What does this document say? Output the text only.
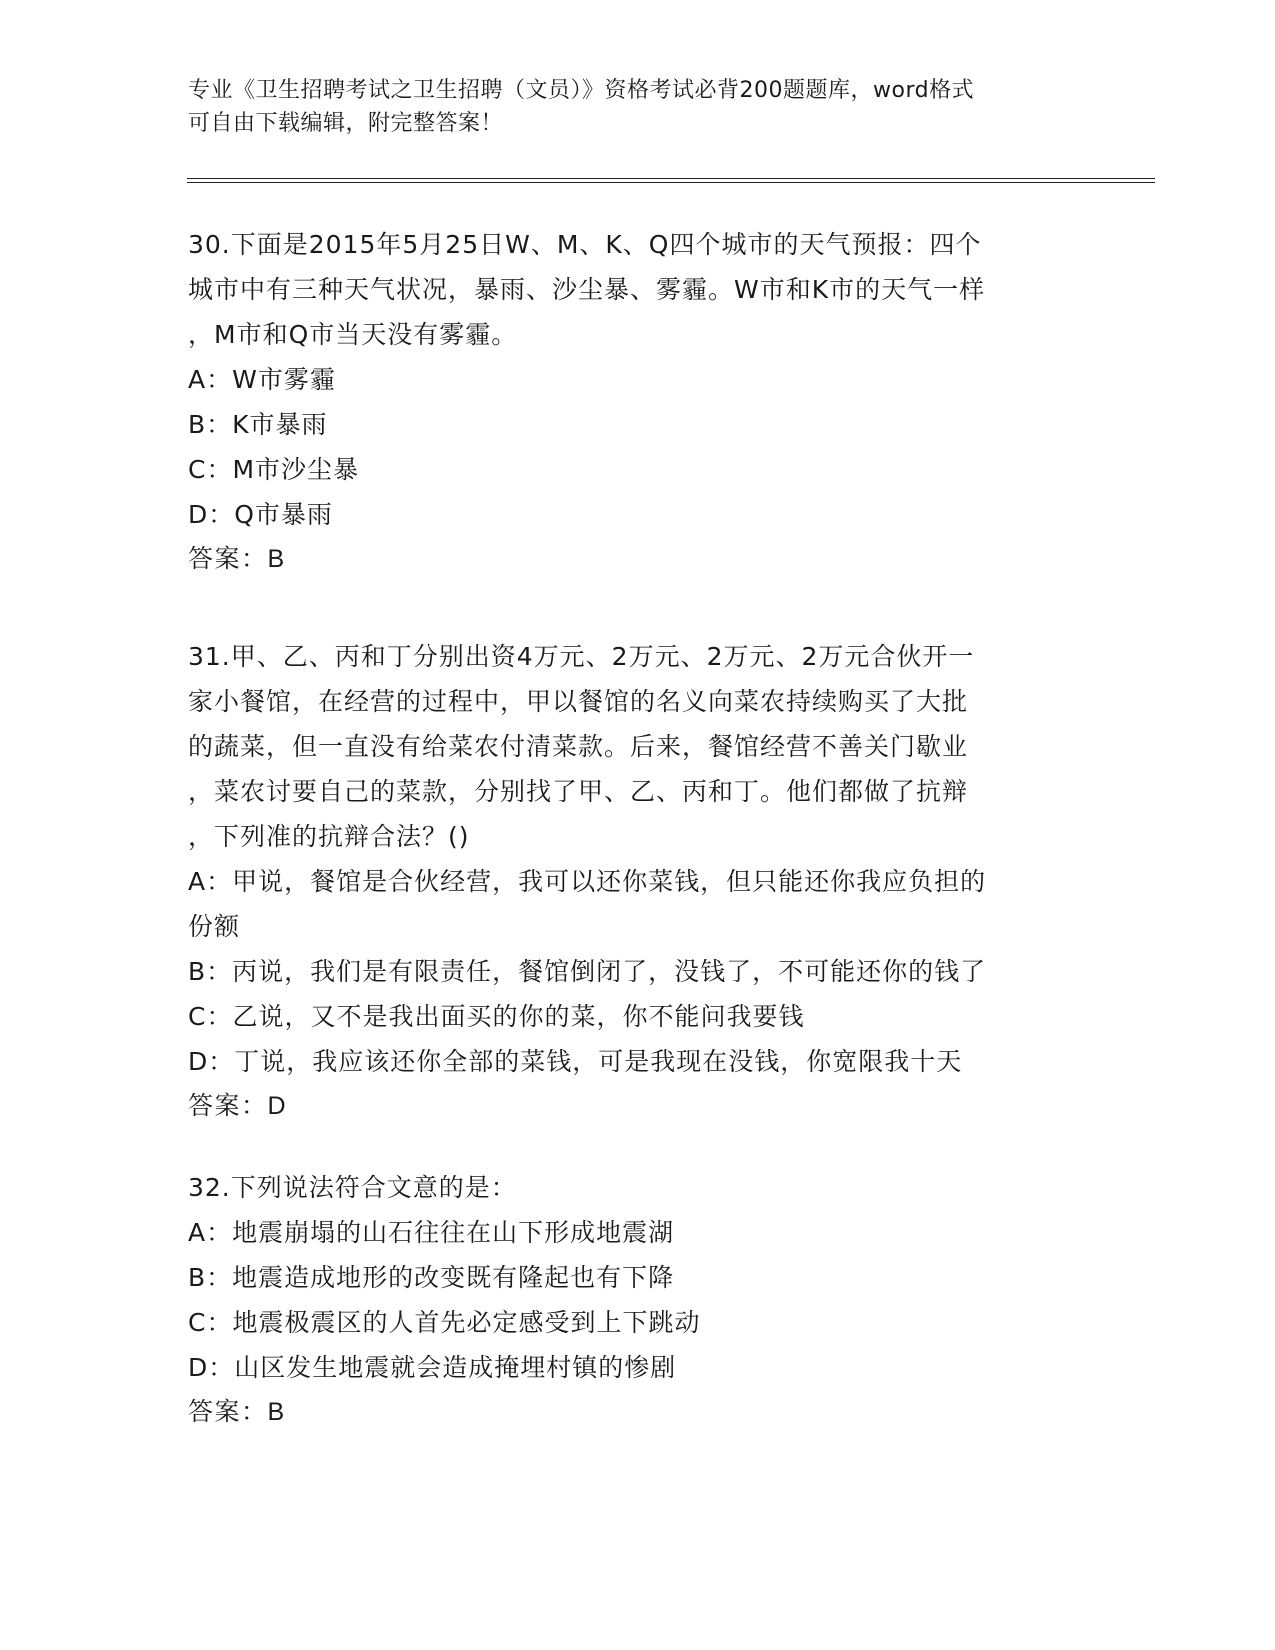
专业《卫生招聘考试之卫生招聘（文员）》资格考试必背200题题库，word格式
可自由下载编辑，附完整答案！
30.下面是2015年5月25日W、M、K、Q四个城市的天气预报：四个
城市中有三种天气状况，暴雨、沙尘暴、雾霾。W市和K市的天气一样
，M市和Q市当天没有雾霾。
A：W市雾霾
B：K市暴雨
C：M市沙尘暴
D：Q市暴雨
答案：B
31.甲、乙、丙和丁分别出资4万元、2万元、2万元、2万元合伙开一
家小餐馆，在经营的过程中，甲以餐馆的名义向菜农持续购买了大批
的蔬菜，但一直没有给菜农付清菜款。后来，餐馆经营不善关门歇业
，菜农讨要自己的菜款，分别找了甲、乙、丙和丁。他们都做了抗辩
，下列准的抗辩合法？()
A：甲说，餐馆是合伙经营，我可以还你菜钱，但只能还你我应负担的
份额
B：丙说，我们是有限责任，餐馆倒闭了，没钱了，不可能还你的钱了
C：乙说，又不是我出面买的你的菜，你不能问我要钱
D：丁说，我应该还你全部的菜钱，可是我现在没钱，你宽限我十天
答案：D
32.下列说法符合文意的是：
A：地震崩塌的山石往往在山下形成地震湖
B：地震造成地形的改变既有隆起也有下降
C：地震极震区的人首先必定感受到上下跳动
D：山区发生地震就会造成掩埋村镇的惨剧
答案：B
